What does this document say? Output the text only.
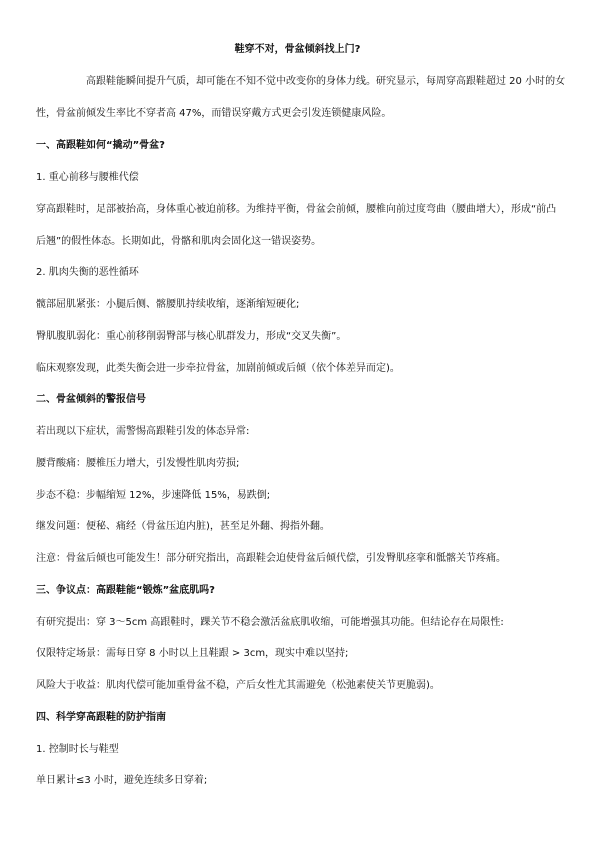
鞋穿不对，骨盆倾斜找上门?
高跟鞋能瞬间提升气质，却可能在不知不觉中改变你的身体力线。研究显示，每周穿高跟鞋超过 20 小时的女
性，骨盆前倾发生率比不穿者高 47%，而错误穿戴方式更会引发连锁健康风险。
一、高跟鞋如何“撬动”骨盆?
1. 重心前移与腰椎代偿
穿高跟鞋时，足部被抬高，身体重心被迫前移。为维持平衡，骨盆会前倾，腰椎向前过度弯曲（腰曲增大），形成“前凸
后翘”的假性体态。长期如此，骨骼和肌肉会固化这一错误姿势。
2. 肌肉失衡的恶性循环
髋部屈肌紧张：小腿后侧、髂腰肌持续收缩，逐渐缩短硬化;
臀肌腹肌弱化：重心前移削弱臀部与核心肌群发力，形成“交叉失衡”。
临床观察发现，此类失衡会进一步牵拉骨盆，加剧前倾或后倾（依个体差异而定)。
二、骨盆倾斜的警报信号
若出现以下症状，需警惕高跟鞋引发的体态异常:
腰背酸痛：腰椎压力增大，引发慢性肌肉劳损;
步态不稳：步幅缩短 12%，步速降低 15%，易跌倒;
继发问题：便秘、痛经（骨盆压迫内脏)，甚至足外翻、拇指外翻。
注意：骨盆后倾也可能发生！部分研究指出，高跟鞋会迫使骨盆后倾代偿，引发臀肌痉挛和骶髂关节疼痛。
三、争议点：高跟鞋能“锻炼”盆底肌吗?
有研究提出：穿 3～5cm 高跟鞋时，踝关节不稳会激活盆底肌收缩，可能增强其功能。但结论存在局限性:
仅限特定场景：需每日穿 8 小时以上且鞋跟 > 3cm，现实中难以坚持;
风险大于收益：肌肉代偿可能加重骨盆不稳，产后女性尤其需避免（松弛素使关节更脆弱)。
四、科学穿高跟鞋的防护指南
1. 控制时长与鞋型
单日累计≤3 小时，避免连续多日穿着;
